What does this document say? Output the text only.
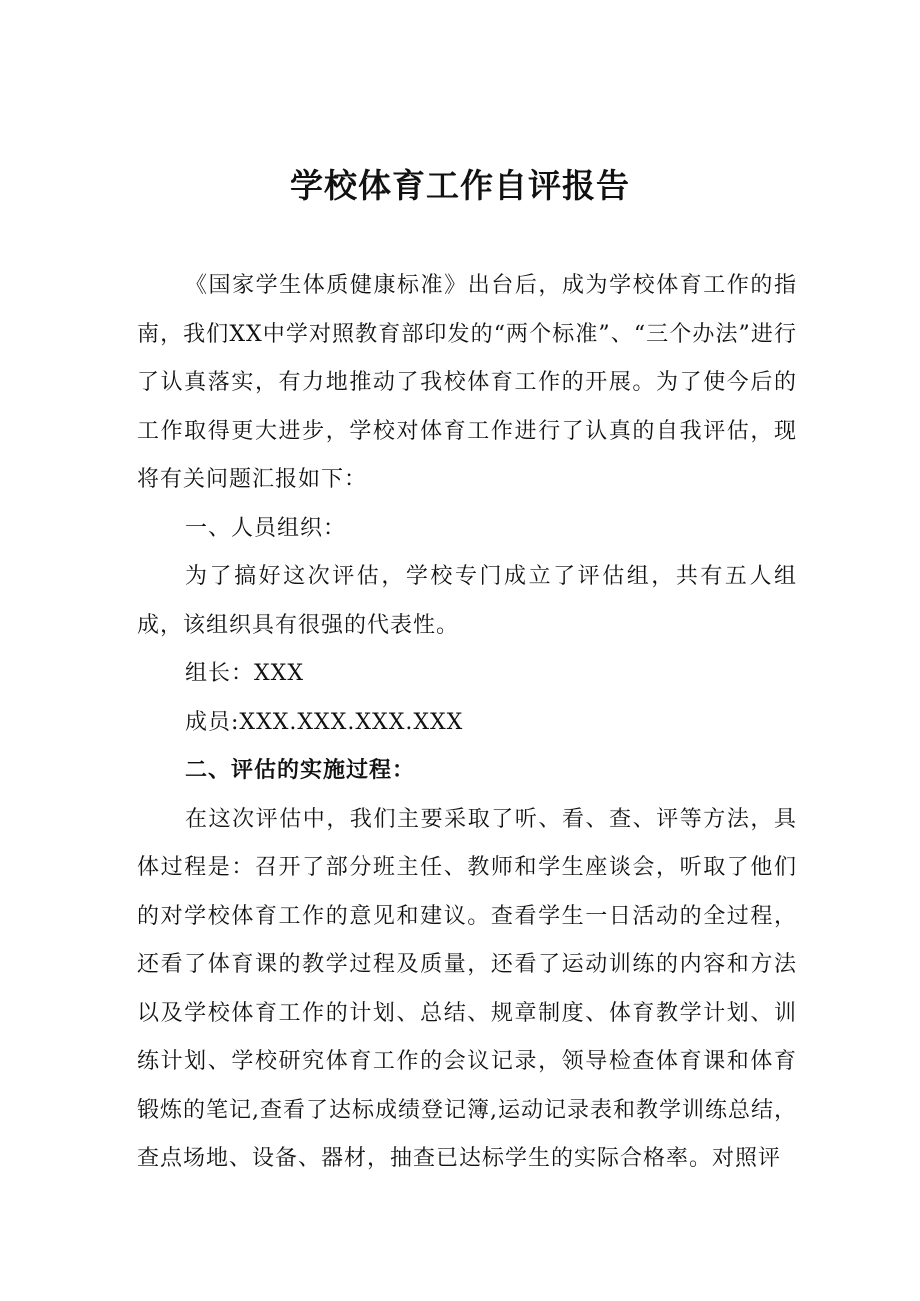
学校体育工作自评报告

《国家学生体质健康标准》出台后，成为学校体育工作的指南，我们XX中学对照教育部印发的“两个标准”、“三个办法”进行了认真落实，有力地推动了我校体育工作的开展。为了使今后的工作取得更大进步，学校对体育工作进行了认真的自我评估，现将有关问题汇报如下：

一、人员组织：

为了搞好这次评估，学校专门成立了评估组，共有五人组成，该组织具有很强的代表性。

组长：XXX

成员:XXX.XXX.XXX.XXX

二、评估的实施过程：

在这次评估中，我们主要采取了听、看、查、评等方法，具体过程是：召开了部分班主任、教师和学生座谈会，听取了他们的对学校体育工作的意见和建议。查看学生一日活动的全过程，还看了体育课的教学过程及质量，还看了运动训练的内容和方法以及学校体育工作的计划、总结、规章制度、体育教学计划、训练计划、学校研究体育工作的会议记录，领导检查体育课和体育锻炼的笔记,查看了达标成绩登记簿,运动记录表和教学训练总结，查点场地、设备、器材，抽查已达标学生的实际合格率。对照评
